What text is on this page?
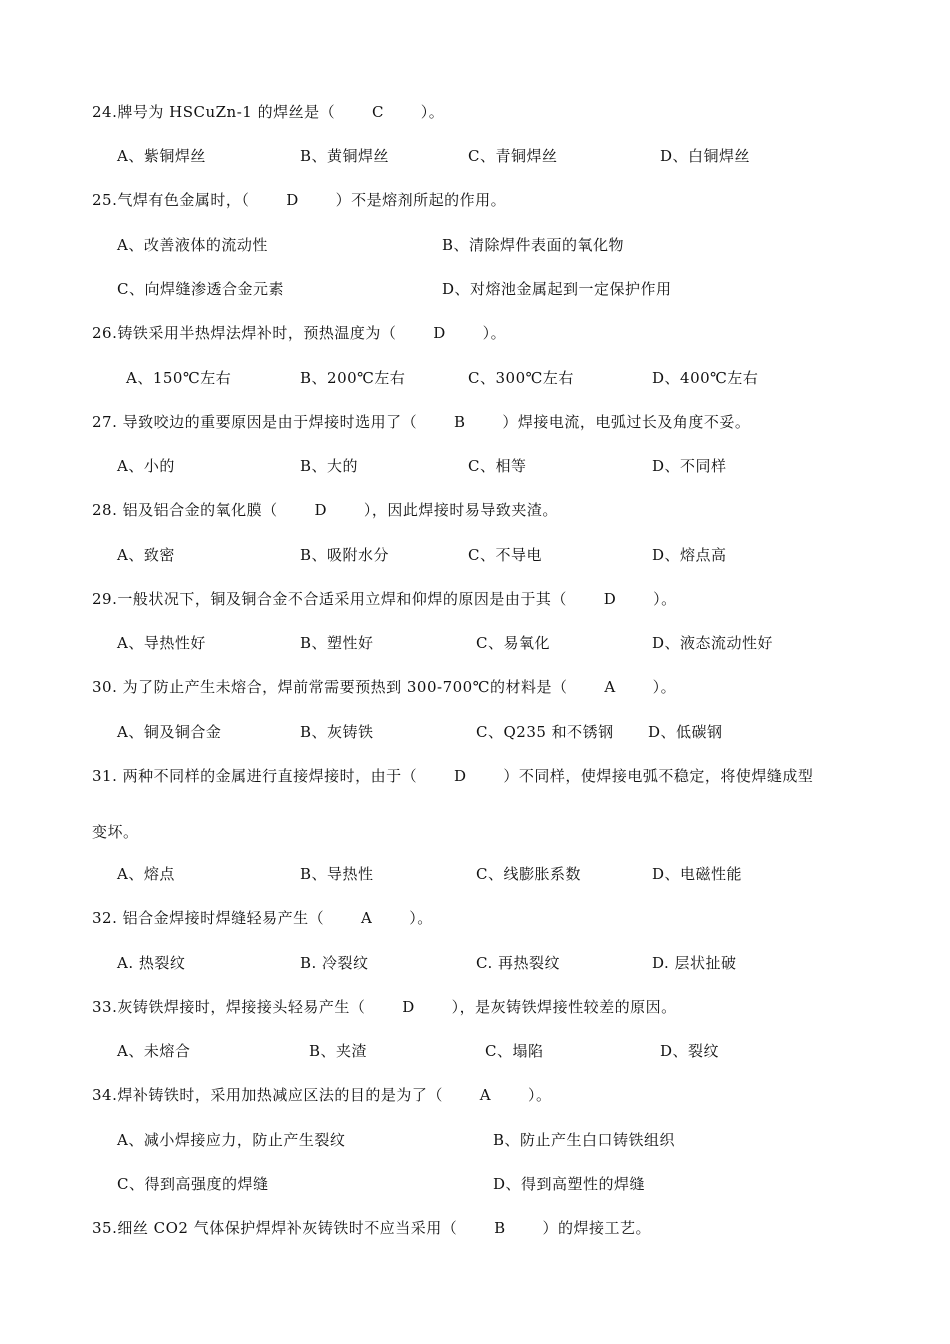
24.牌号为 HSCuZn-1 的焊丝是（       C       ）。
A、紫铜焊丝	B、黄铜焊丝	C、青铜焊丝	D、白铜焊丝
25.气焊有色金属时，（       D       ）不是熔剂所起的作用。
A、改善液体的流动性	B、清除焊件表面的氧化物
C、向焊缝渗透合金元素	D、对熔池金属起到一定保护作用
26.铸铁采用半热焊法焊补时，预热温度为（       D       ）。
A、150℃左右	B、200℃左右	C、300℃左右	D、400℃左右
27. 导致咬边的重要原因是由于焊接时选用了（       B       ）焊接电流，电弧过长及角度不妥。
A、小的	B、大的	C、相等	D、不同样
28. 铝及铝合金的氧化膜（       D       ），因此焊接时易导致夹渣。
A、致密	B、吸附水分	C、不导电	D、熔点高
29.一般状况下，铜及铜合金不合适采用立焊和仰焊的原因是由于其（       D       ）。
A、导热性好	B、塑性好	C、易氧化	D、液态流动性好
30. 为了防止产生未熔合，焊前常需要预热到 300-700℃的材料是（       A       ）。
A、铜及铜合金	B、灰铸铁	C、Q235 和不锈钢 D、低碳钢
31. 两种不同样的金属进行直接焊接时，由于（       D       ）不同样，使焊接电弧不稳定，将使焊缝成型
变坏。
A、熔点	B、导热性	C、线膨胀系数	D、电磁性能
32. 铝合金焊接时焊缝轻易产生（       A       ）。
A. 热裂纹	B. 冷裂纹	C. 再热裂纹	D. 层状扯破
33.灰铸铁焊接时，焊接接头轻易产生（       D       ），是灰铸铁焊接性较差的原因。
A、未熔合	B、夹渣	C、塌陷	D、裂纹
34.焊补铸铁时，采用加热减应区法的目的是为了（       A       ）。
A、减小焊接应力，防止产生裂纹	B、防止产生白口铸铁组织
C、得到高强度的焊缝	D、得到高塑性的焊缝
35.细丝 CO2 气体保护焊焊补灰铸铁时不应当采用（       B       ）的焊接工艺。
